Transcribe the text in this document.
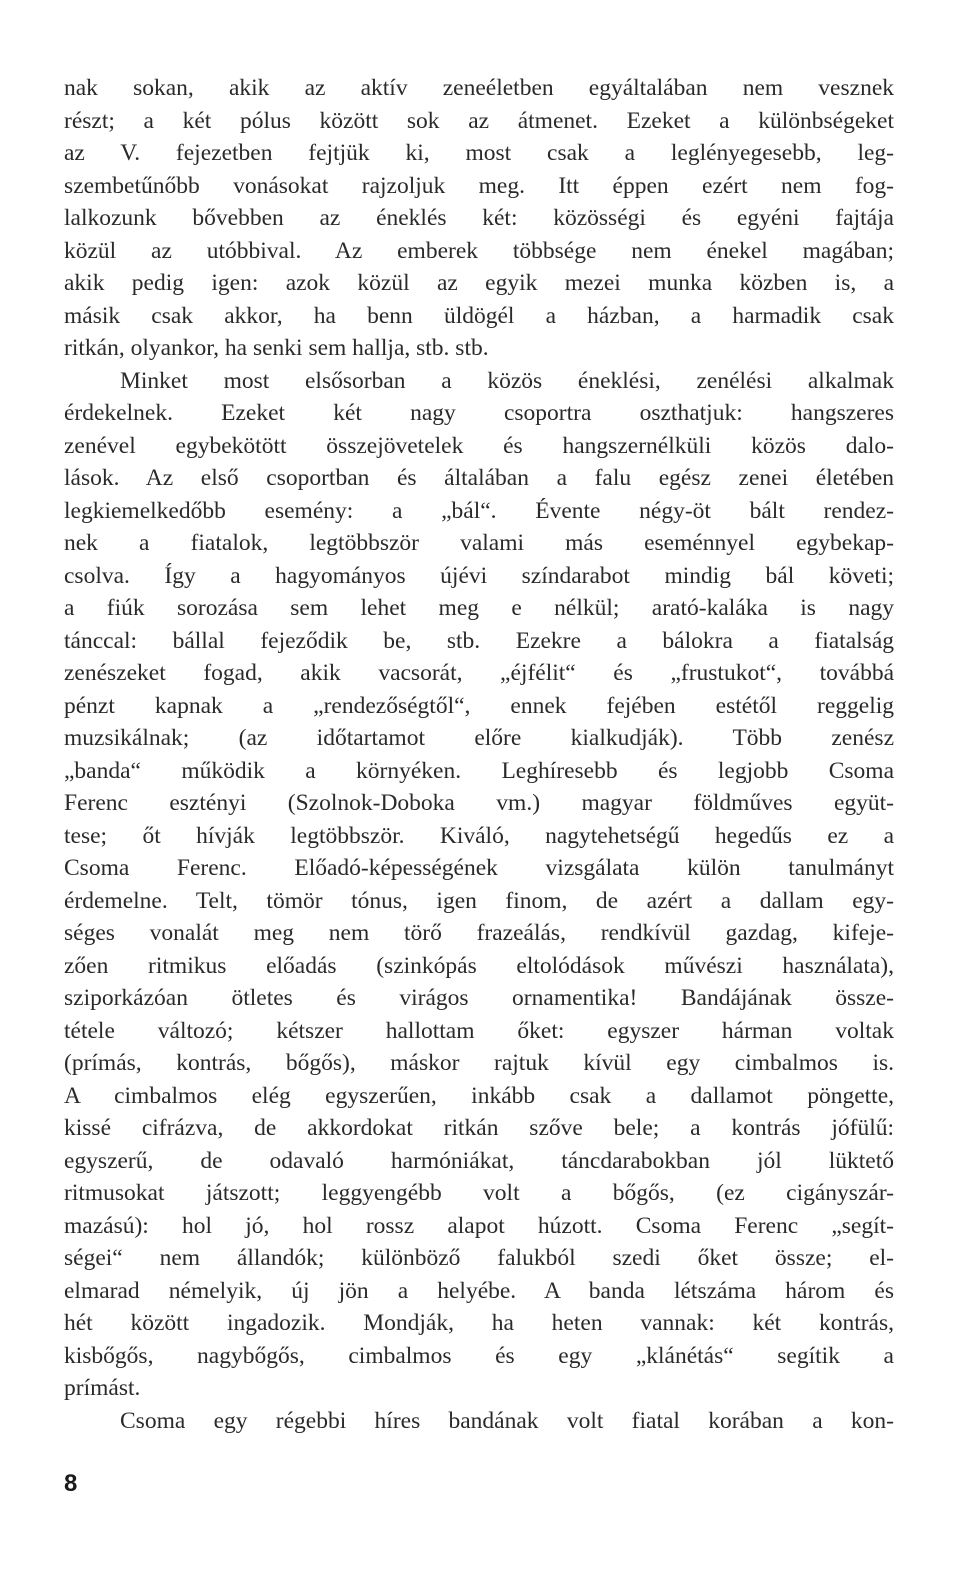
nak sokan, akik az aktív zeneéletben egyáltalában nem vesznek
részt; a két pólus között sok az átmenet. Ezeket a különbségeket
az V. fejezetben fejtjük ki, most csak a leglényegesebb, leg-
szembetűnőbb vonásokat rajzoljuk meg. Itt éppen ezért nem fog-
lalkozunk bővebben az éneklés két: közösségi és egyéni fajtája
közül az utóbbival. Az emberek többsége nem énekel magában;
akik pedig igen: azok közül az egyik mezei munka közben is, a
másik csak akkor, ha benn üldögél a házban, a harmadik csak
ritkán, olyankor, ha senki sem hallja, stb. stb.
Minket most elsősorban a közös éneklési, zenélési alkalmak
érdekelnek. Ezeket két nagy csoportra oszthatjuk: hangszeres
zenével egybekötött összejövetelek és hangszernélküli közös dalo-
lások. Az első csoportban és általában a falu egész zenei életében
legkiemelkedőbb esemény: a „bál“. Évente négy-öt bált rendez-
nek a fiatalok, legtöbbször valami más eseménnyel egybekap-
csolva. Így a hagyományos újévi színdarabot mindig bál követi;
a fiúk sorozása sem lehet meg e nélkül; arató-kaláka is nagy
tánccal: bállal fejeződik be, stb. Ezekre a bálokra a fiatalság
zenészeket fogad, akik vacsorát, „éjfélit“ és „frustukot“, továbbá
pénzt kapnak a „rendezőségtől“, ennek fejében estétől reggelig
muzsikálnak; (az időtartamot előre kialkudják). Több zenész
„banda“ működik a környéken. Leghíresebb és legjobb Csoma
Ferenc esztényi (Szolnok-Doboka vm.) magyar földműves együt-
tese; őt hívják legtöbbször. Kiváló, nagytehetségű hegedűs ez a
Csoma Ferenc. Előadó-képességének vizsgálata külön tanulmányt
érdemelne. Telt, tömör tónus, igen finom, de azért a dallam egy-
séges vonalát meg nem törő frazeálás, rendkívül gazdag, kifeje-
zően ritmikus előadás (szinkópás eltolódások művészi használata),
sziporkázóan ötletes és virágos ornamentika! Bandájának össze-
tétele változó; kétszer hallottam őket: egyszer hárman voltak
(prímás, kontrás, bőgős), máskor rajtuk kívül egy cimbalmos is.
A cimbalmos elég egyszerűen, inkább csak a dallamot pöngette,
kissé cifrázva, de akkordokat ritkán szőve bele; a kontrás jófülű:
egyszerű, de odavaló harmóniákat, táncdarabokban jól lüktető
ritmusokat játszott; leggyengébb volt a bőgős, (ez cigányszár-
mazású): hol jó, hol rossz alapot húzott. Csoma Ferenc „segít-
ségei“ nem állandók; különböző falukból szedi őket össze; el-
elmarad némelyik, új jön a helyébe. A banda létszáma három és
hét között ingadozik. Mondják, ha heten vannak: két kontrás,
kisbőgős, nagybőgős, cimbalmos és egy „klánétás“ segítik a
prímást.
Csoma egy régebbi híres bandának volt fiatal korában a kon-
8
